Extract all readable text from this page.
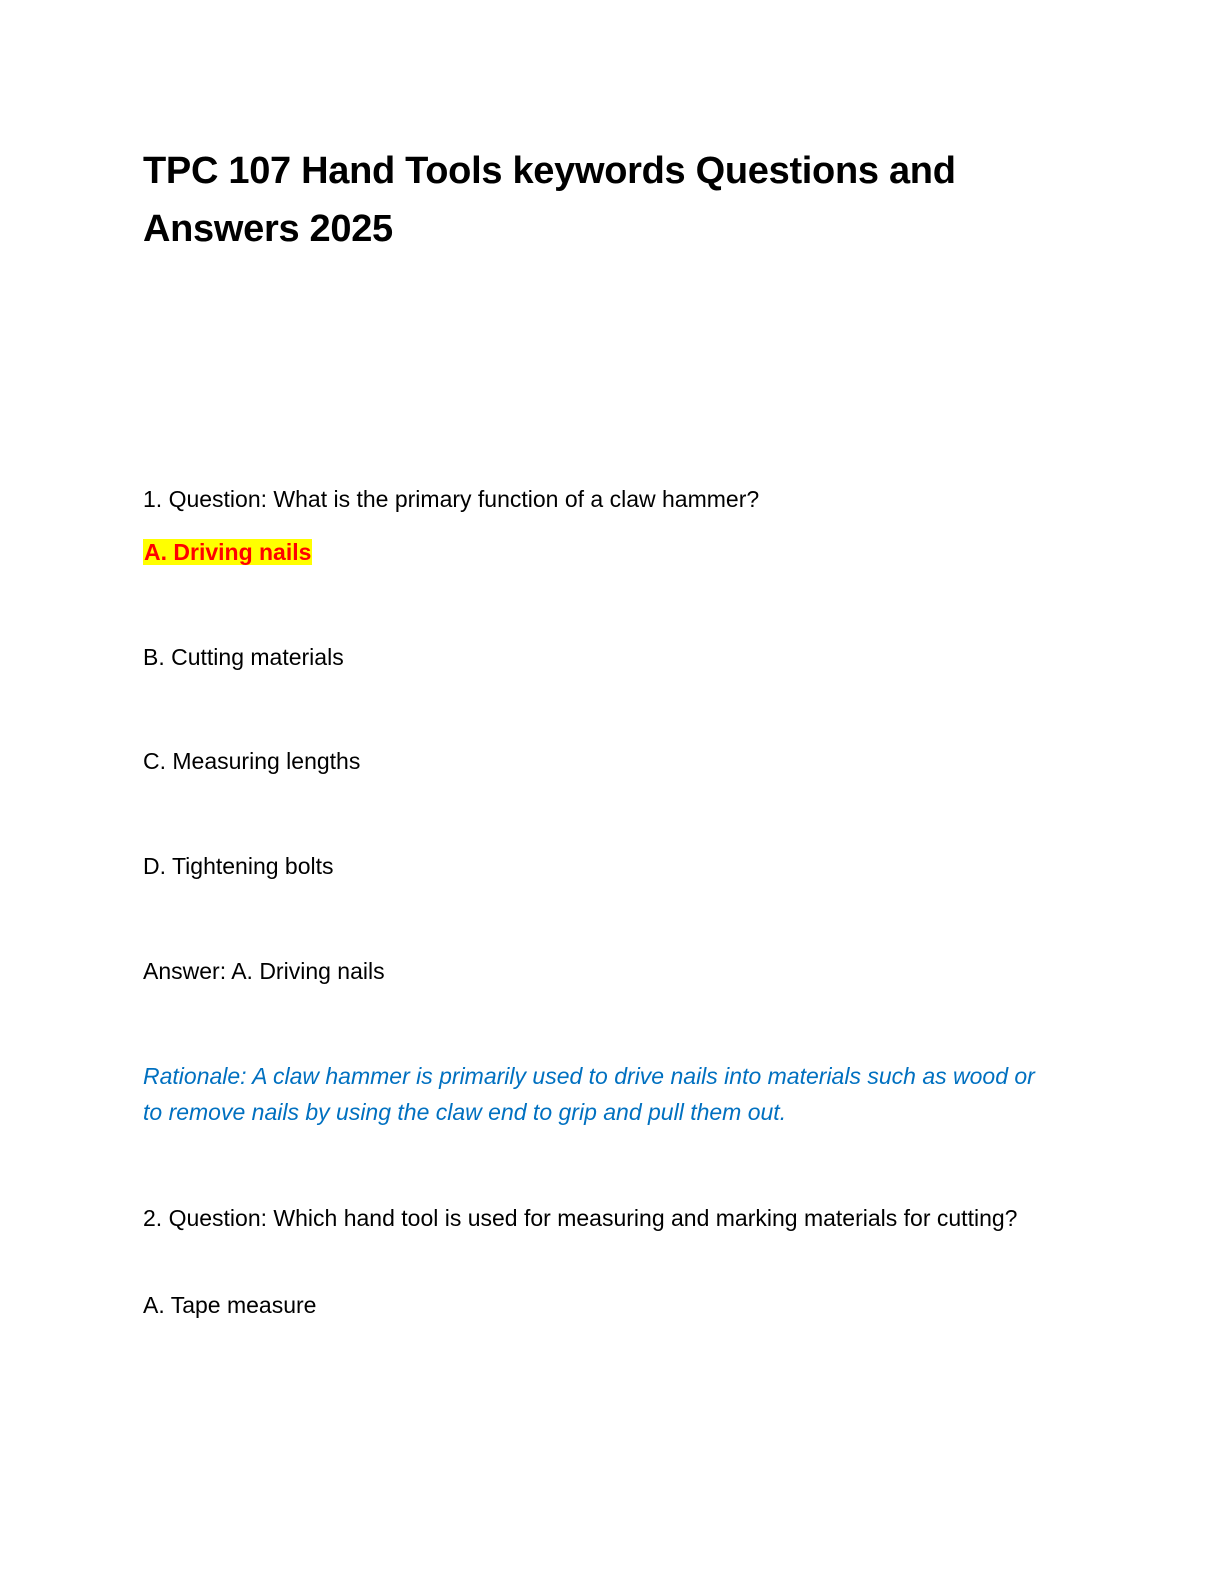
TPC 107 Hand Tools keywords Questions and Answers 2025

1. Question: What is the primary function of a claw hammer?

A. Driving nails

B. Cutting materials

C. Measuring lengths

D. Tightening bolts

Answer: A. Driving nails

Rationale: A claw hammer is primarily used to drive nails into materials such as wood or to remove nails by using the claw end to grip and pull them out.

2. Question: Which hand tool is used for measuring and marking materials for cutting?

A. Tape measure
